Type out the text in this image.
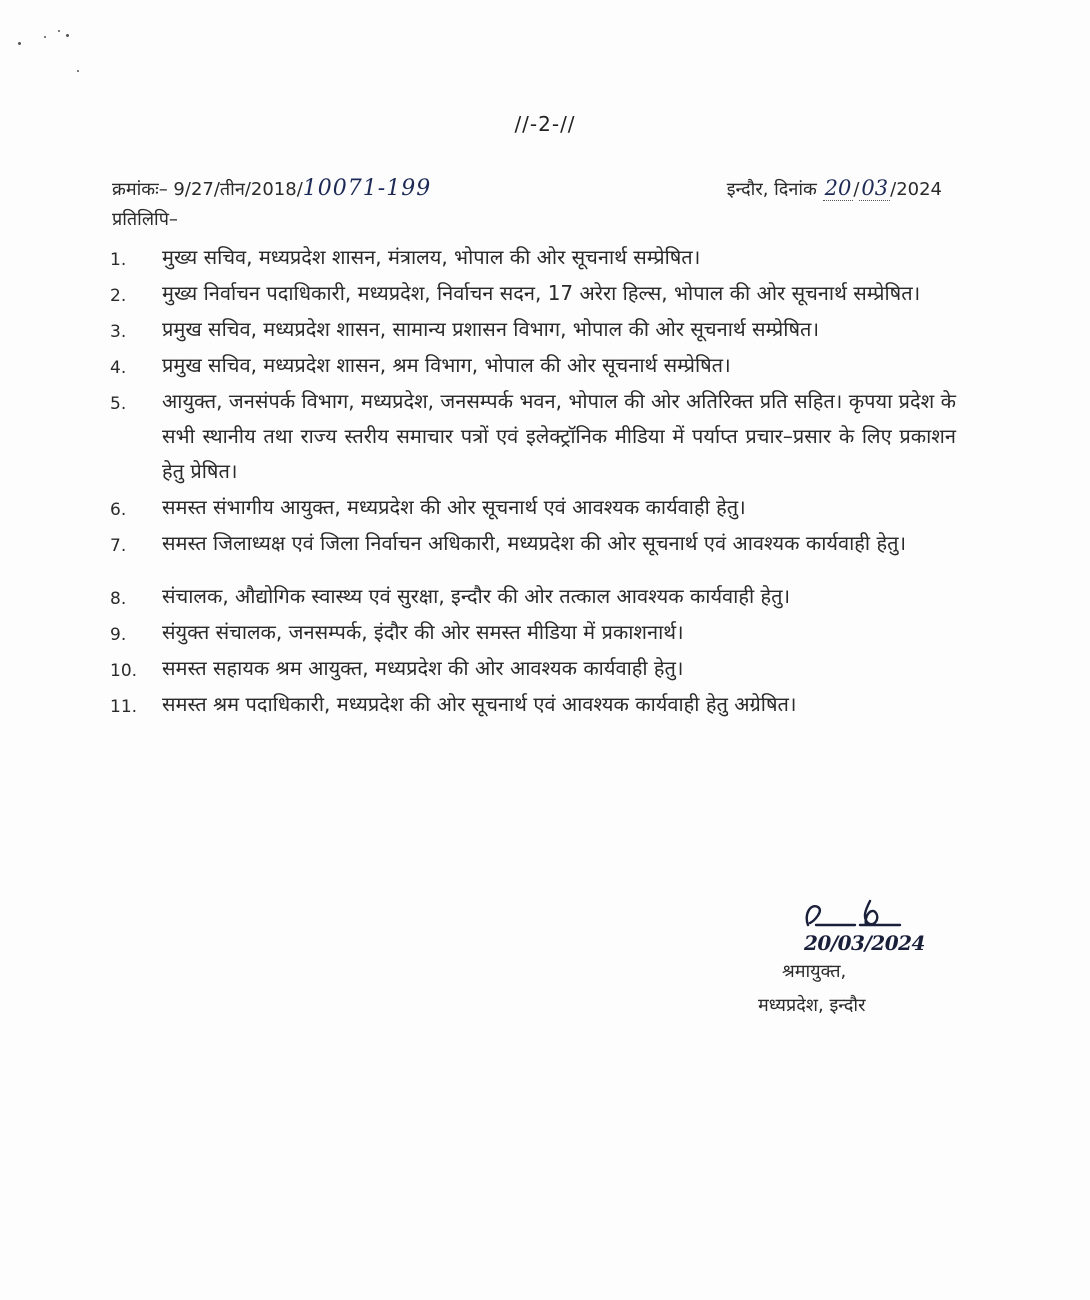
//-2-//
क्रमांकः– 9/27/तीन/2018/10071-199	इन्दौर, दिनांक 20 /03 /2024
प्रतिलिपि–
1. मुख्य सचिव, मध्यप्रदेश शासन, मंत्रालय, भोपाल की ओर सूचनार्थ सम्प्रेषित।
2. मुख्य निर्वाचन पदाधिकारी, मध्यप्रदेश, निर्वाचन सदन, 17 अरेरा हिल्स, भोपाल की ओर सूचनार्थ सम्प्रेषित।
3. प्रमुख सचिव, मध्यप्रदेश शासन, सामान्य प्रशासन विभाग, भोपाल की ओर सूचनार्थ सम्प्रेषित।
4. प्रमुख सचिव, मध्यप्रदेश शासन, श्रम विभाग, भोपाल की ओर सूचनार्थ सम्प्रेषित।
5. आयुक्त, जनसंपर्क विभाग, मध्यप्रदेश, जनसम्पर्क भवन, भोपाल की ओर अतिरिक्त प्रति सहित। कृपया प्रदेश के सभी स्थानीय तथा राज्य स्तरीय समाचार पत्रों एवं इलेक्ट्रॉनिक मीडिया में पर्याप्त प्रचार–प्रसार के लिए प्रकाशन हेतु प्रेषित।
6. समस्त संभागीय आयुक्त, मध्यप्रदेश की ओर सूचनार्थ एवं आवश्यक कार्यवाही हेतु।
7. समस्त जिलाध्यक्ष एवं जिला निर्वाचन अधिकारी, मध्यप्रदेश की ओर सूचनार्थ एवं आवश्यक कार्यवाही हेतु।
8. संचालक, औद्योगिक स्वास्थ्य एवं सुरक्षा, इन्दौर की ओर तत्काल आवश्यक कार्यवाही हेतु।
9. संयुक्त संचालक, जनसम्पर्क, इंदौर की ओर समस्त मीडिया में प्रकाशनार्थ।
10. समस्त सहायक श्रम आयुक्त, मध्यप्रदेश की ओर आवश्यक कार्यवाही हेतु।
11. समस्त श्रम पदाधिकारी, मध्यप्रदेश की ओर सूचनार्थ एवं आवश्यक कार्यवाही हेतु अग्रेषित।
20/03/2024
श्रमायुक्त,
मध्यप्रदेश, इन्दौर
